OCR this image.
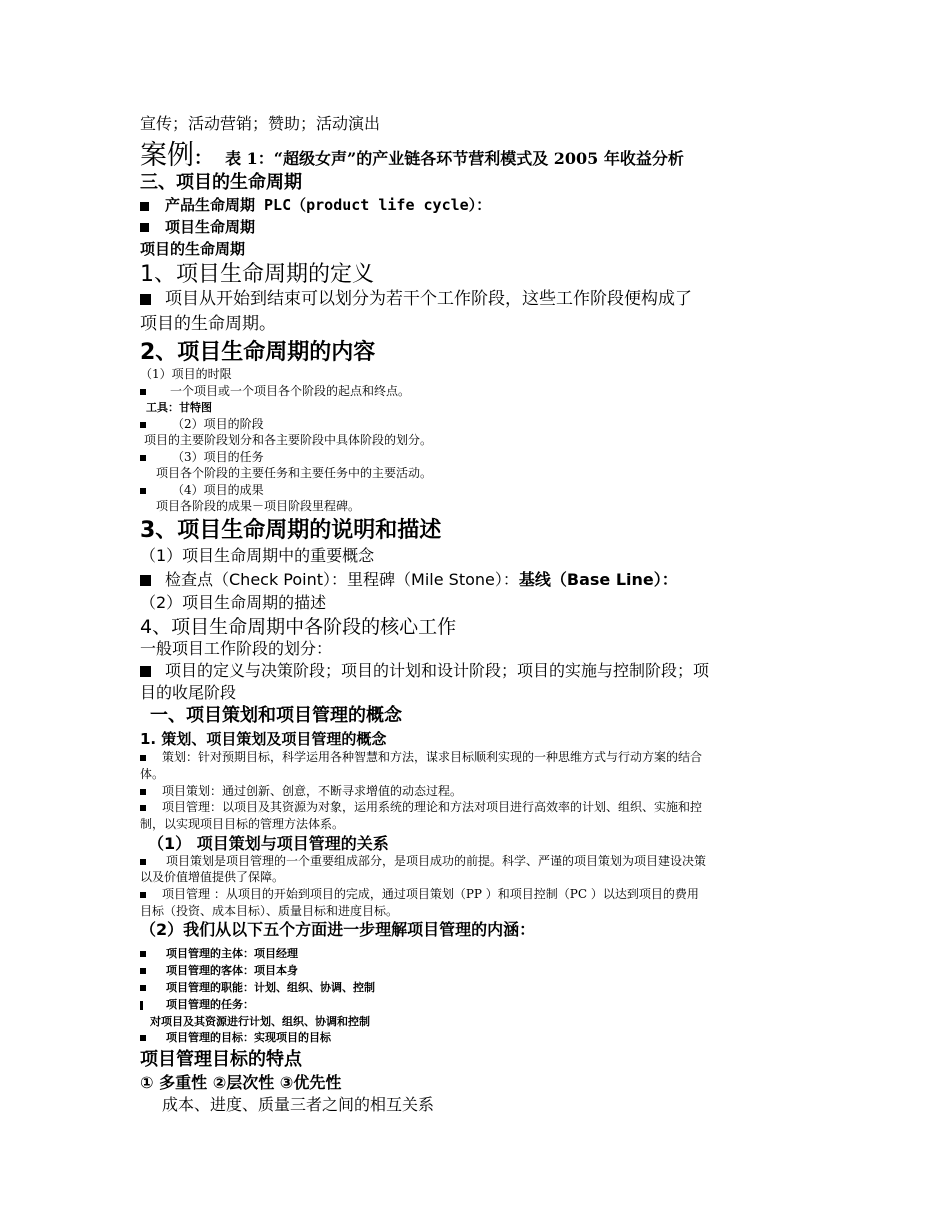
宣传；活动营销；赞助；活动演出
案例： 表 1：“超级女声”的产业链各环节营利模式及 2005 年收益分析
三、项目的生命周期
产品生命周期 PLC（product life cycle）：
项目生命周期
项目的生命周期
1、项目生命周期的定义
项目从开始到结束可以划分为若干个工作阶段，这些工作阶段便构成了
项目的生命周期。
2、项目生命周期的内容
（1）项目的时限
一个项目或一个项目各个阶段的起点和终点。
工具：甘特图
（2）项目的阶段
项目的主要阶段划分和各主要阶段中具体阶段的划分。
（3）项目的任务
项目各个阶段的主要任务和主要任务中的主要活动。
（4）项目的成果
项目各阶段的成果－项目阶段里程碑。
3、项目生命周期的说明和描述
（1）项目生命周期中的重要概念
检查点（Check Point）：里程碑（Mile Stone）：基线（Base Line）：
（2）项目生命周期的描述
4、项目生命周期中各阶段的核心工作
一般项目工作阶段的划分：
项目的定义与决策阶段；项目的计划和设计阶段；项目的实施与控制阶段；项
目的收尾阶段
一、项目策划和项目管理的概念
1. 策划、项目策划及项目管理的概念
策划：针对预期目标，科学运用各种智慧和方法，谋求目标顺利实现的一种思维方式与行动方案的结合
体。
项目策划：通过创新、创意，不断寻求增值的动态过程。
项目管理：以项目及其资源为对象，运用系统的理论和方法对项目进行高效率的计划、组织、实施和控
制，以实现项目目标的管理方法体系。
（1） 项目策划与项目管理的关系
项目策划是项目管理的一个重要组成部分，是项目成功的前提。科学、严谨的项目策划为项目建设决策
以及价值增值提供了保障。
项目管理 ：从项目的开始到项目的完成，通过项目策划（PP ）和项目控制（PC ）以达到项目的费用
目标（投资、成本目标）、质量目标和进度目标。
（2）我们从以下五个方面进一步理解项目管理的内涵：
项目管理的主体：项目经理
项目管理的客体：项目本身
项目管理的职能：计划、组织、协调、控制
项目管理的任务：
对项目及其资源进行计划、组织、协调和控制
项目管理的目标：实现项目的目标
项目管理目标的特点
① 多重性 ②层次性 ③优先性
成本、进度、质量三者之间的相互关系
